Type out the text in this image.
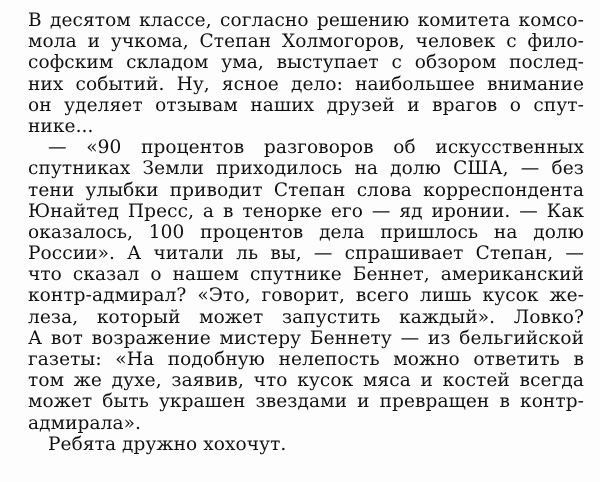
В десятом классе, согласно решению комитета комсо-
мола и учкома, Степан Холмогоров, человек с фило-
софским складом ума, выступает с обзором послед-
них событий. Ну, ясное дело: наибольшее внимание
он уделяет отзывам наших друзей и врагов о спут-
нике...
— «90 процентов разговоров об искусственных
спутниках Земли приходилось на долю США, — без
тени улыбки приводит Степан слова корреспондента
Юнайтед Пресс, а в тенорке его — яд иронии. — Как
оказалось, 100 процентов дела пришлось на долю
России». А читали ль вы, — спрашивает Степан, —
что сказал о нашем спутнике Беннет, американский
контр-адмирал? «Это, говорит, всего лишь кусок же-
леза, который может запустить каждый». Ловко?
А вот возражение мистеру Беннету — из бельгийской
газеты: «На подобную нелепость можно ответить в
том же духе, заявив, что кусок мяса и костей всегда
может быть украшен звездами и превращен в контр-
адмирала».
Ребята дружно хохочут.
